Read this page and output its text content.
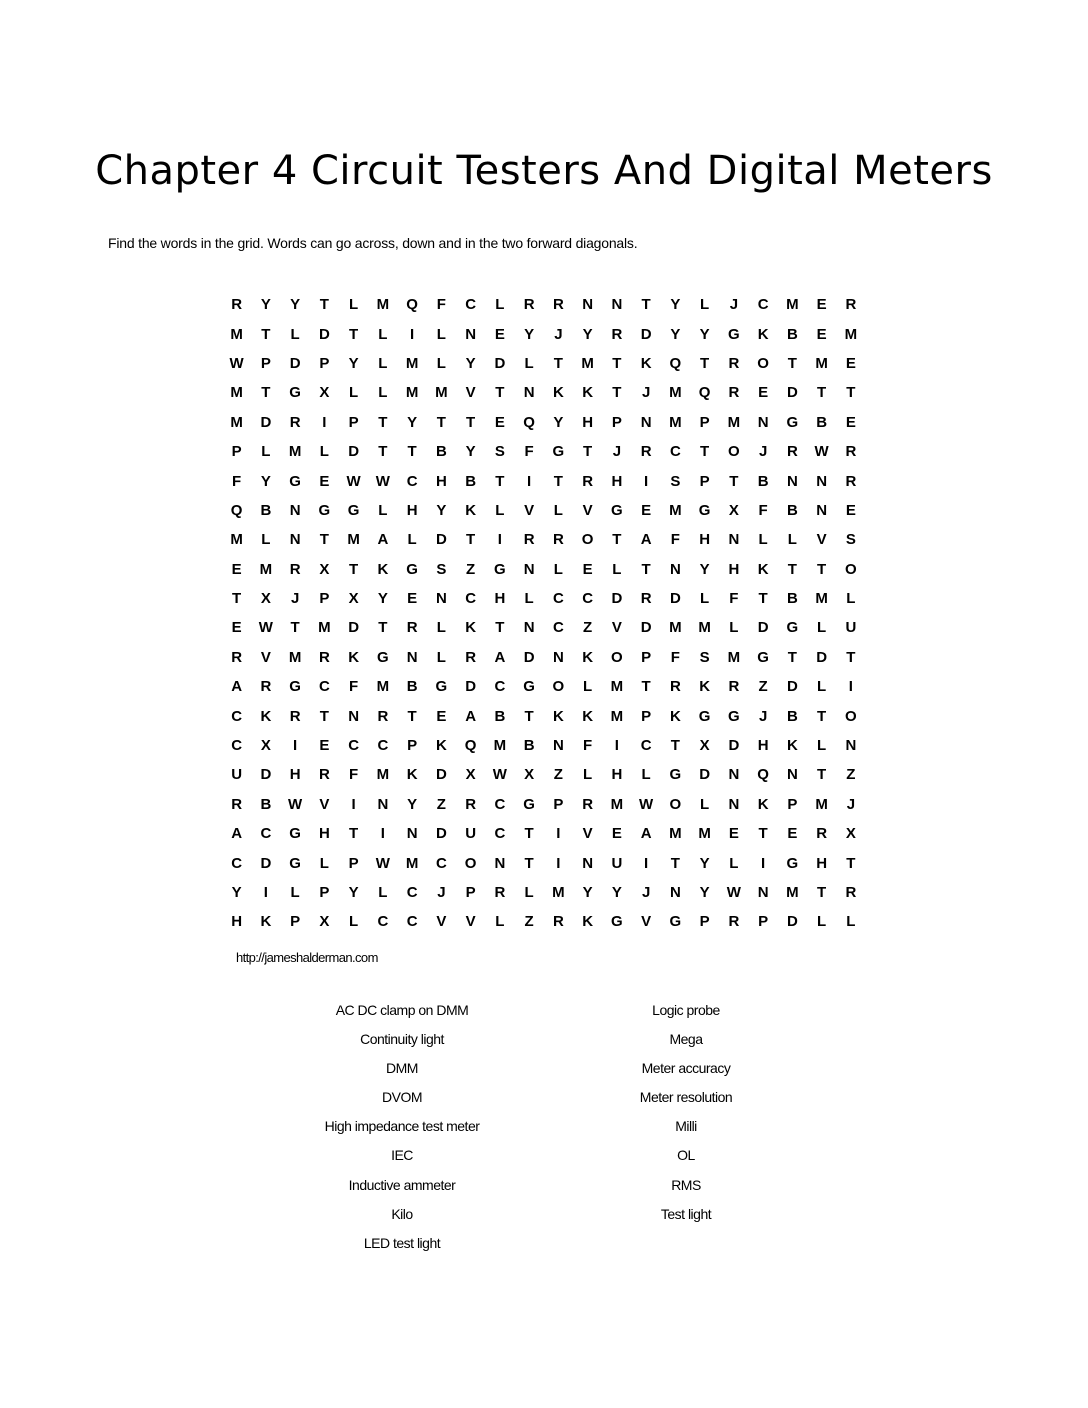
Chapter 4 Circuit Testers And Digital Meters
Find the words in the grid. Words can go across, down and in the two forward diagonals.
R	Y	Y	T	L	M	Q	F	C	L	R	R	N	N	T	Y	L	J	C	M	E	R
M	T	L	D	T	L	I	L	N	E	Y	J	Y	R	D	Y	Y	G	K	B	E	M
W	P	D	P	Y	L	M	L	Y	D	L	T	M	T	K	Q	T	R	O	T	M	E
M	T	G	X	L	L	M	M	V	T	N	K	K	T	J	M	Q	R	E	D	T	T
M	D	R	I	P	T	Y	T	T	E	Q	Y	H	P	N	M	P	M	N	G	B	E
P	L	M	L	D	T	T	B	Y	S	F	G	T	J	R	C	T	O	J	R	W	R
F	Y	G	E	W	W	C	H	B	T	I	T	R	H	I	S	P	T	B	N	N	R
Q	B	N	G	G	L	H	Y	K	L	V	L	V	G	E	M	G	X	F	B	N	E
M	L	N	T	M	A	L	D	T	I	R	R	O	T	A	F	H	N	L	L	V	S
E	M	R	X	T	K	G	S	Z	G	N	L	E	L	T	N	Y	H	K	T	T	O
T	X	J	P	X	Y	E	N	C	H	L	C	C	D	R	D	L	F	T	B	M	L
E	W	T	M	D	T	R	L	K	T	N	C	Z	V	D	M	M	L	D	G	L	U
R	V	M	R	K	G	N	L	R	A	D	N	K	O	P	F	S	M	G	T	D	T
A	R	G	C	F	M	B	G	D	C	G	O	L	M	T	R	K	R	Z	D	L	I
C	K	R	T	N	R	T	E	A	B	T	K	K	M	P	K	G	G	J	B	T	O
C	X	I	E	C	C	P	K	Q	M	B	N	F	I	C	T	X	D	H	K	L	N
U	D	H	R	F	M	K	D	X	W	X	Z	L	H	L	G	D	N	Q	N	T	Z
R	B	W	V	I	N	Y	Z	R	C	G	P	R	M	W	O	L	N	K	P	M	J
A	C	G	H	T	I	N	D	U	C	T	I	V	E	A	M	M	E	T	E	R	X
C	D	G	L	P	W	M	C	O	N	T	I	N	U	I	T	Y	L	I	G	H	T
Y	I	L	P	Y	L	C	J	P	R	L	M	Y	Y	J	N	Y	W	N	M	T	R
H	K	P	X	L	C	C	V	V	L	Z	R	K	G	V	G	P	R	P	D	L	L
http://jameshalderman.com
AC DC clamp on DMM
Continuity light
DMM
DVOM
High impedance test meter
IEC
Inductive ammeter
Kilo
LED test light
Logic probe
Mega
Meter accuracy
Meter resolution
Milli
OL
RMS
Test light
